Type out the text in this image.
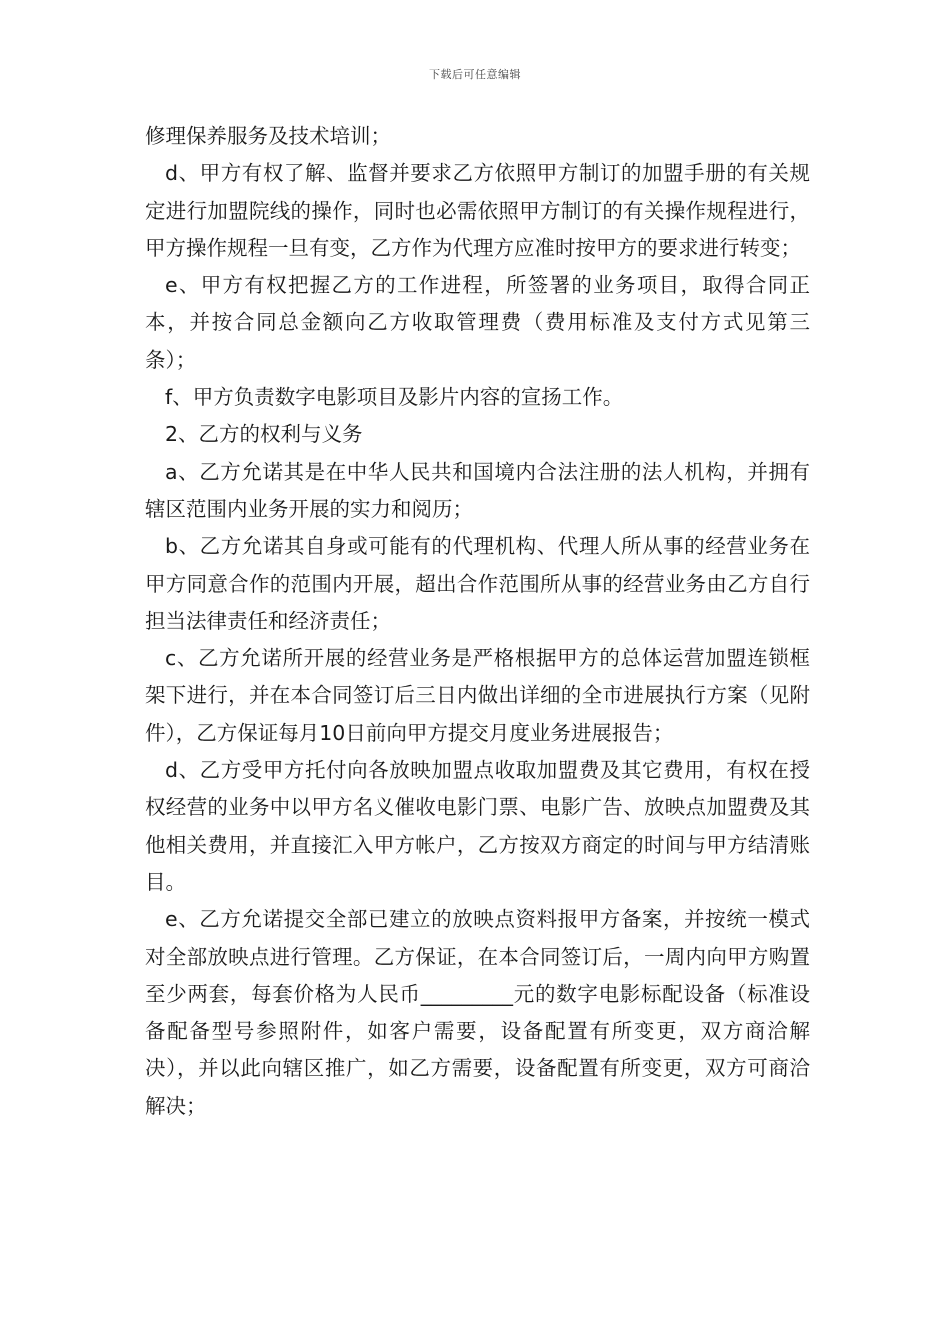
下载后可任意编辑

修理保养服务及技术培训；

d、甲方有权了解、监督并要求乙方依照甲方制订的加盟手册的有关规定进行加盟院线的操作，同时也必需依照甲方制订的有关操作规程进行，甲方操作规程一旦有变，乙方作为代理方应准时按甲方的要求进行转变；

e、甲方有权把握乙方的工作进程，所签署的业务项目，取得合同正本，并按合同总金额向乙方收取管理费（费用标准及支付方式见第三条）；

f、甲方负责数字电影项目及影片内容的宣扬工作。

2、乙方的权利与义务

a、乙方允诺其是在中华人民共和国境内合法注册的法人机构，并拥有辖区范围内业务开展的实力和阅历；

b、乙方允诺其自身或可能有的代理机构、代理人所从事的经营业务在甲方同意合作的范围内开展，超出合作范围所从事的经营业务由乙方自行担当法律责任和经济责任；

c、乙方允诺所开展的经营业务是严格根据甲方的总体运营加盟连锁框架下进行，并在本合同签订后三日内做出详细的全市进展执行方案（见附件），乙方保证每月10日前向甲方提交月度业务进展报告；

d、乙方受甲方托付向各放映加盟点收取加盟费及其它费用，有权在授权经营的业务中以甲方名义催收电影门票、电影广告、放映点加盟费及其他相关费用，并直接汇入甲方帐户，乙方按双方商定的时间与甲方结清账目。

e、乙方允诺提交全部已建立的放映点资料报甲方备案，并按统一模式对全部放映点进行管理。乙方保证，在本合同签订后，一周内向甲方购置至少两套，每套价格为人民币_________元的数字电影标配设备（标准设备配备型号参照附件，如客户需要，设备配置有所变更，双方商洽解决），并以此向辖区推广，如乙方需要，设备配置有所变更，双方可商洽解决；
